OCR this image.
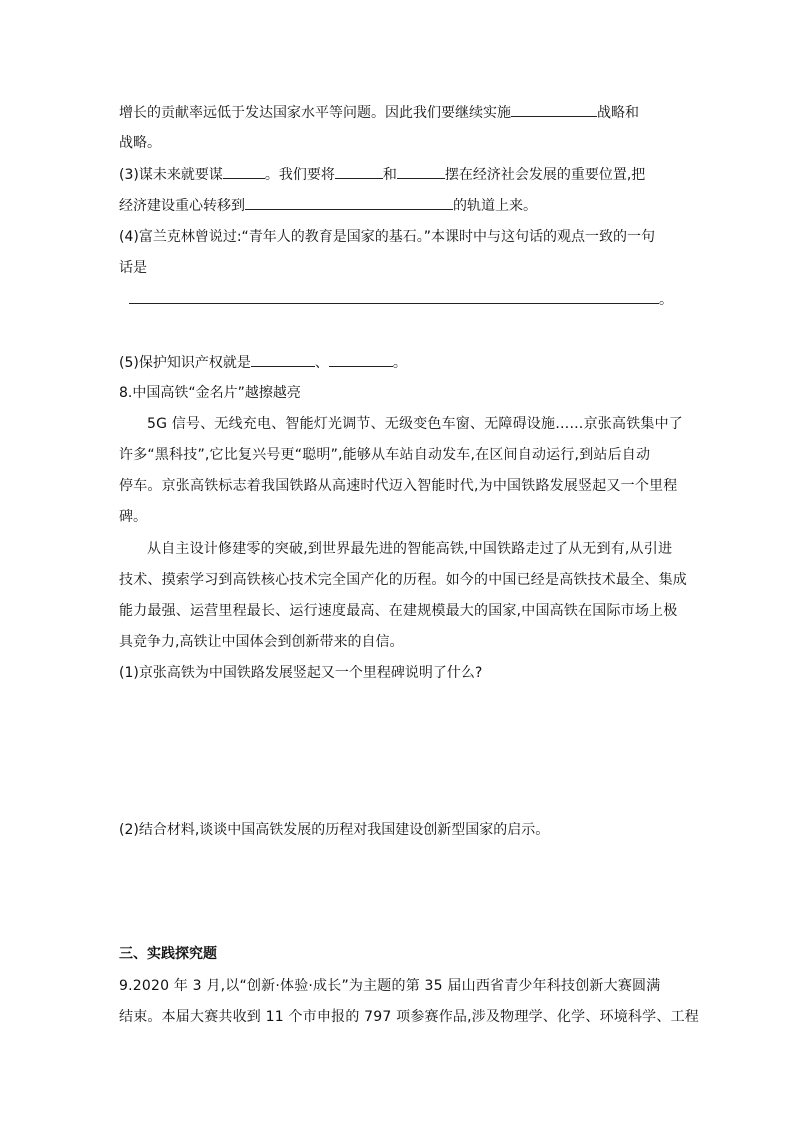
增长的贡献率远低于发达国家水平等问题。因此我们要继续实施	战略和
战略。
(3)谋未来就要谋	。我们要将	和	摆在经济社会发展的重要位置,把
经济建设重心转移到	的轨道上来。
(4)富兰克林曾说过:“青年人的教育是国家的基石。”本课时中与这句话的观点一致的一句
话是
。
(5)保护知识产权就是	、	。
8.中国高铁“金名片”越擦越亮
5G 信号、无线充电、智能灯光调节、无级变色车窗、无障碍设施……京张高铁集中了
许多“黑科技”,它比复兴号更“聪明”,能够从车站自动发车,在区间自动运行,到站后自动
停车。京张高铁标志着我国铁路从高速时代迈入智能时代,为中国铁路发展竖起又一个里程
碑。
从自主设计修建零的突破,到世界最先进的智能高铁,中国铁路走过了从无到有,从引进
技术、摸索学习到高铁核心技术完全国产化的历程。如今的中国已经是高铁技术最全、集成
能力最强、运营里程最长、运行速度最高、在建规模最大的国家,中国高铁在国际市场上极
具竞争力,高铁让中国体会到创新带来的自信。
(1)京张高铁为中国铁路发展竖起又一个里程碑说明了什么?
(2)结合材料,谈谈中国高铁发展的历程对我国建设创新型国家的启示。
三、实践探究题
9.2020 年 3 月,以“创新·体验·成长”为主题的第 35 届山西省青少年科技创新大赛圆满
结束。本届大赛共收到 11 个市申报的 797 项参赛作品,涉及物理学、化学、环境科学、工程
